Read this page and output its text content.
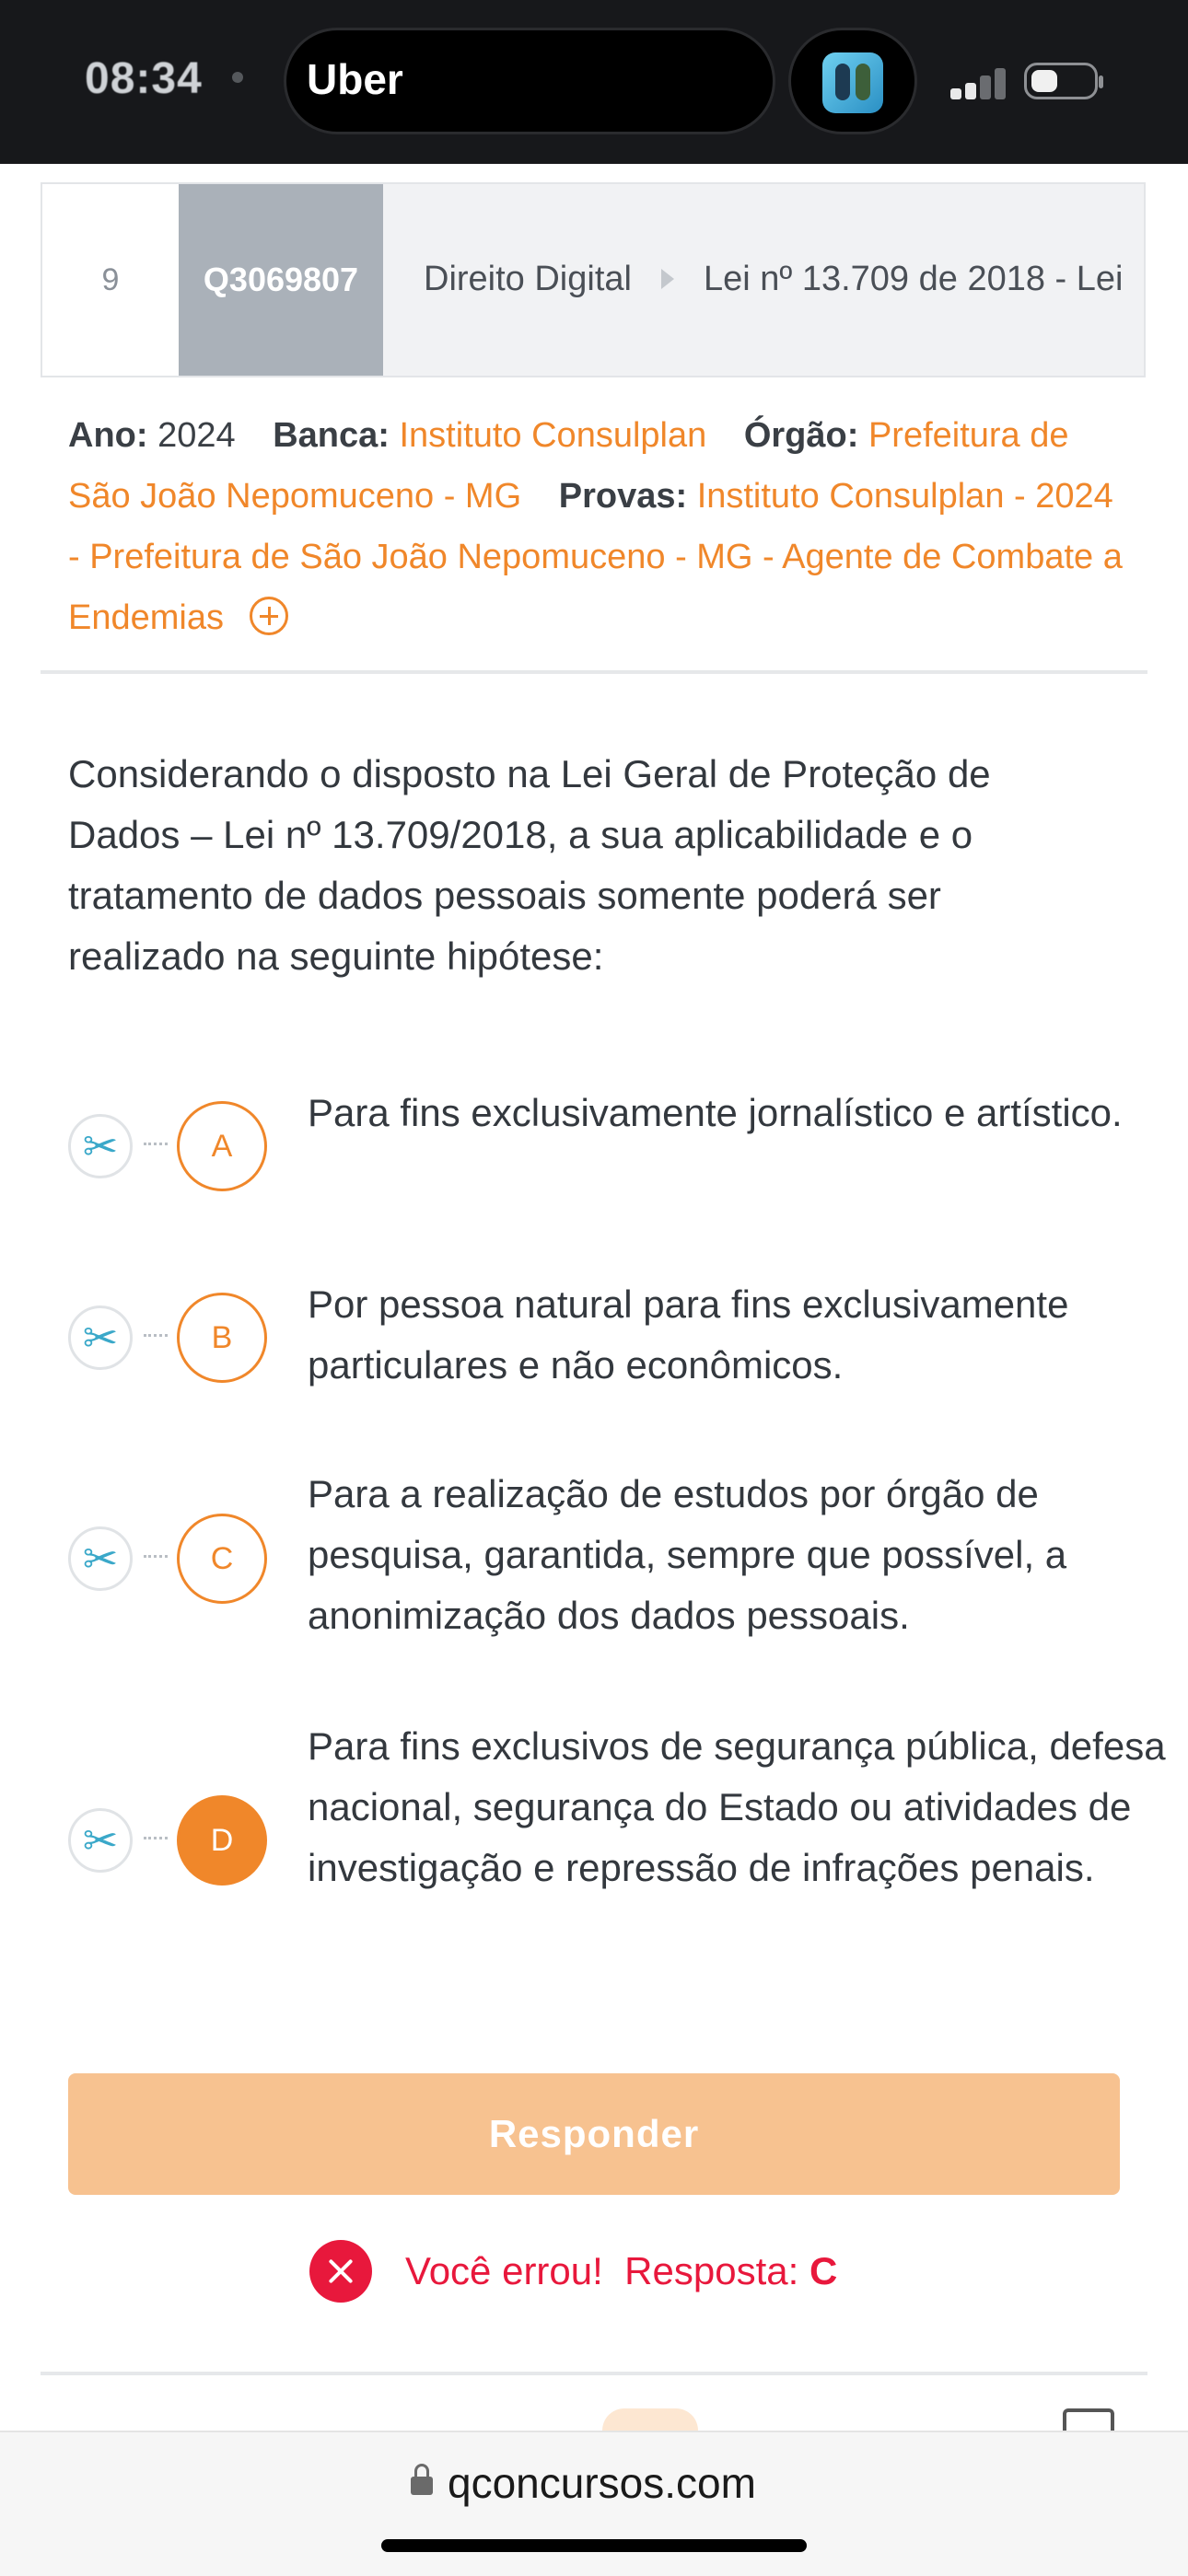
08:34 Uber
9	Q3069807	Direito Digital Lei nº 13.709 de 2018 - Lei
Ano: 2024 Banca: Instituto Consulplan Órgão: Prefeitura de São João Nepomuceno - MG Provas: Instituto Consulplan - 2024 - Prefeitura de São João Nepomuceno - MG - Agente de Combate a Endemias
Considerando o disposto na Lei Geral de Proteção de Dados – Lei nº 13.709/2018, a sua aplicabilidade e o tratamento de dados pessoais somente poderá ser realizado na seguinte hipótese:
✂	A
Para fins exclusivamente jornalístico e artístico.
✂	B
Por pessoa natural para fins exclusivamente particulares e não econômicos.
✂	C
Para a realização de estudos por órgão de pesquisa, garantida, sempre que possível, a anonimização dos dados pessoais.
✂	D
Para fins exclusivos de segurança pública, defesa nacional, segurança do Estado ou atividades de investigação e repressão de infrações penais.
Responder
Você errou! Resposta: C
qconcursos.com
